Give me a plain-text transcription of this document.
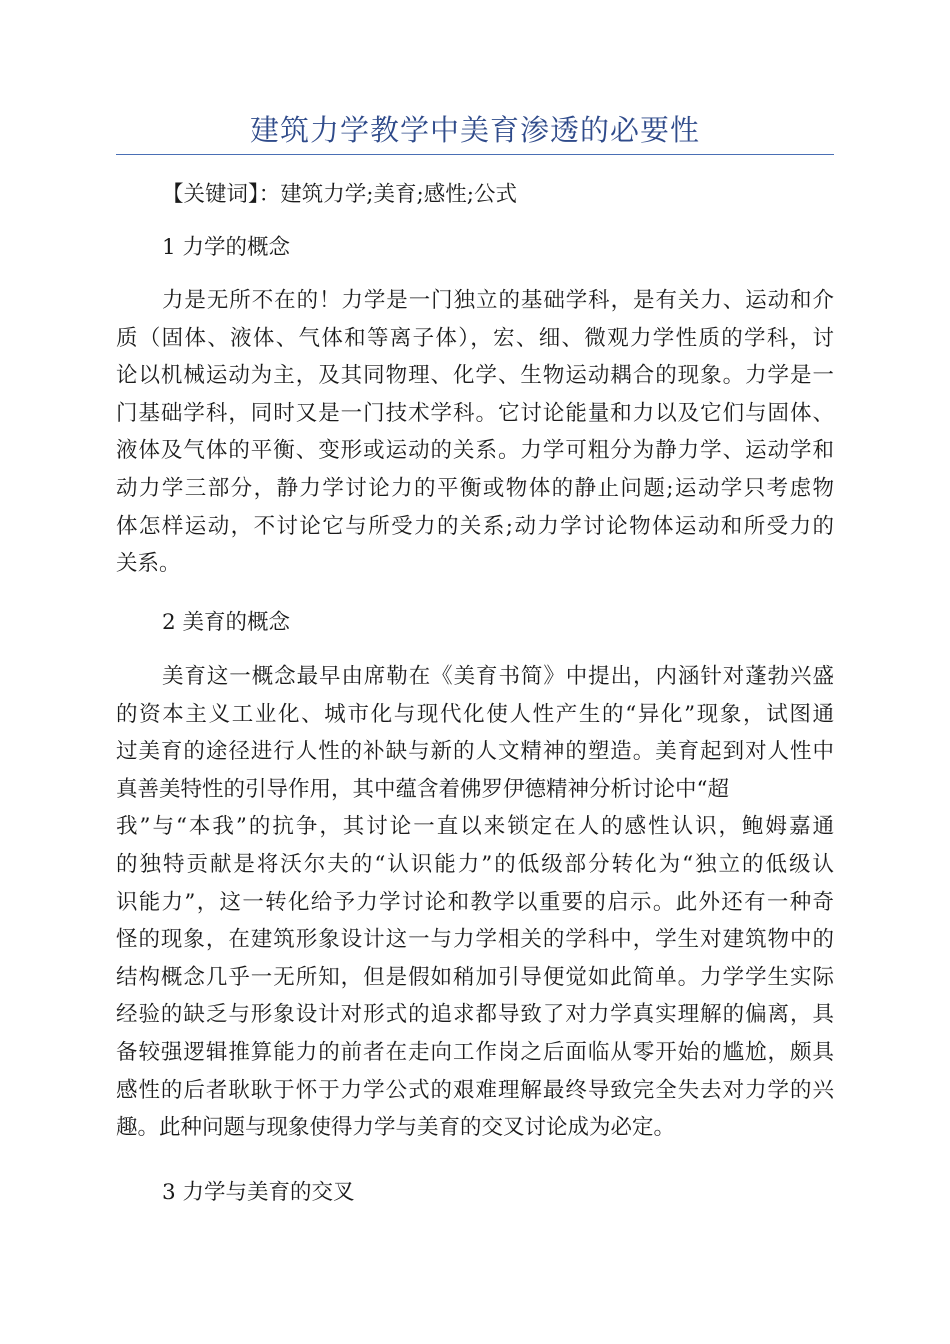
建筑力学教学中美育渗透的必要性
【关键词】：建筑力学;美育;感性;公式
1 力学的概念
力是无所不在的！力学是一门独立的基础学科，是有关力、运动和介
质（固体、液体、气体和等离子体），宏、细、微观力学性质的学科，讨
论以机械运动为主，及其同物理、化学、生物运动耦合的现象。力学是一
门基础学科，同时又是一门技术学科。它讨论能量和力以及它们与固体、
液体及气体的平衡、变形或运动的关系。力学可粗分为静力学、运动学和
动力学三部分，静力学讨论力的平衡或物体的静止问题;运动学只考虑物
体怎样运动，不讨论它与所受力的关系;动力学讨论物体运动和所受力的
关系。
2 美育的概念
美育这一概念最早由席勒在《美育书简》中提出，内涵针对蓬勃兴盛
的资本主义工业化、城市化与现代化使人性产生的“异化”现象，试图通
过美育的途径进行人性的补缺与新的人文精神的塑造。美育起到对人性中
真善美特性的引导作用，其中蕴含着佛罗伊德精神分析讨论中“超
我”与“本我”的抗争，其讨论一直以来锁定在人的感性认识，鲍姆嘉通
的独特贡献是将沃尔夫的“认识能力”的低级部分转化为“独立的低级认
识能力”，这一转化给予力学讨论和教学以重要的启示。此外还有一种奇
怪的现象，在建筑形象设计这一与力学相关的学科中，学生对建筑物中的
结构概念几乎一无所知，但是假如稍加引导便觉如此简单。力学学生实际
经验的缺乏与形象设计对形式的追求都导致了对力学真实理解的偏离，具
备较强逻辑推算能力的前者在走向工作岗之后面临从零开始的尴尬，颇具
感性的后者耿耿于怀于力学公式的艰难理解最终导致完全失去对力学的兴
趣。此种问题与现象使得力学与美育的交叉讨论成为必定。
3 力学与美育的交叉
